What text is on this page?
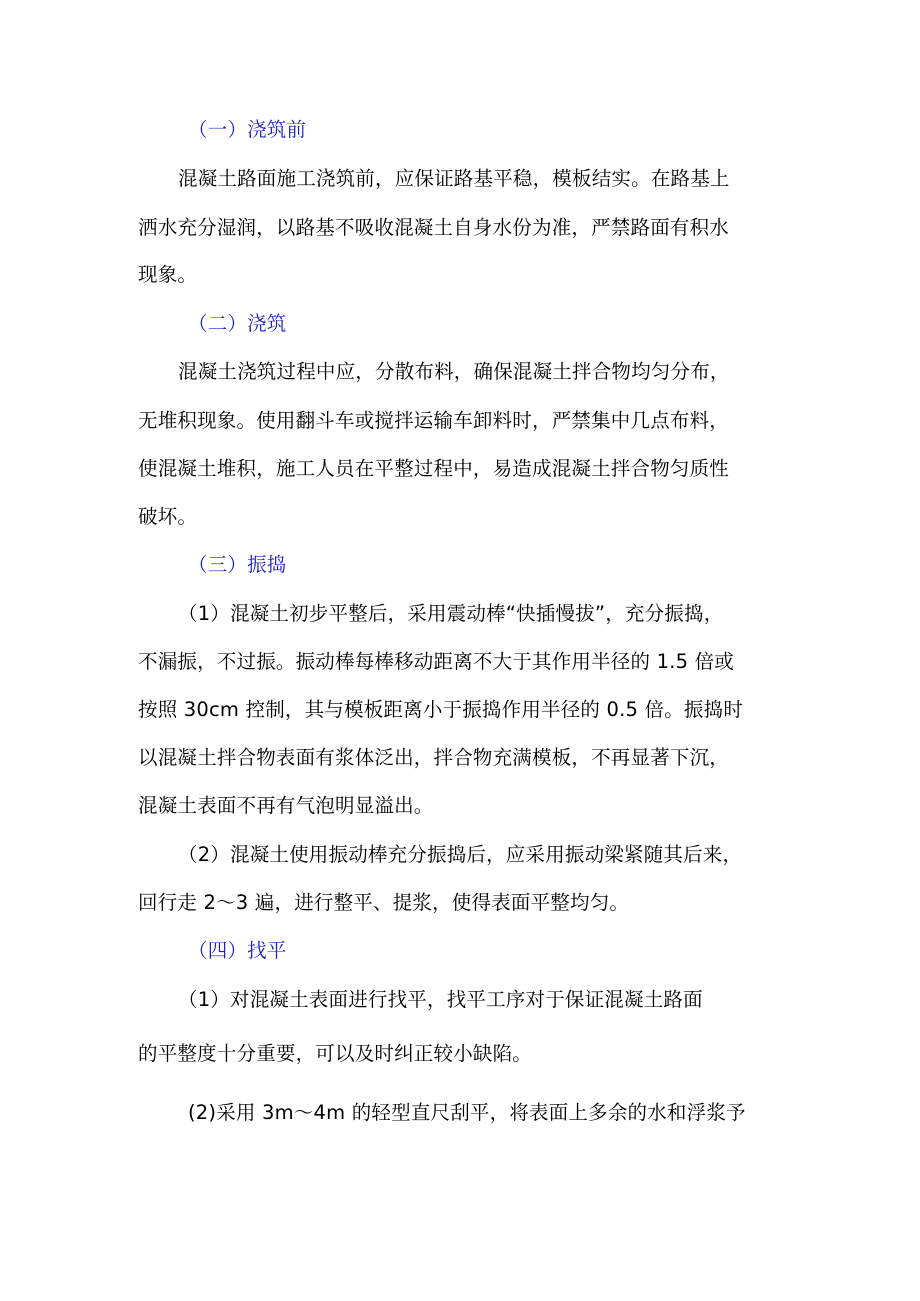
（一）浇筑前
混凝土路面施工浇筑前，应保证路基平稳，模板结实。在路基上
洒水充分湿润，以路基不吸收混凝土自身水份为准，严禁路面有积水
现象。
（二）浇筑
混凝土浇筑过程中应，分散布料，确保混凝土拌合物均匀分布，
无堆积现象。使用翻斗车或搅拌运输车卸料时，严禁集中几点布料，
使混凝土堆积，施工人员在平整过程中，易造成混凝土拌合物匀质性
破坏。
（三）振捣
（1）混凝土初步平整后，采用震动棒“快插慢拔”，充分振捣，
不漏振，不过振。振动棒每棒移动距离不大于其作用半径的 1.5 倍或
按照 30cm 控制，其与模板距离小于振捣作用半径的 0.5 倍。振捣时
以混凝土拌合物表面有浆体泛出，拌合物充满模板，不再显著下沉，
混凝土表面不再有气泡明显溢出。
（2）混凝土使用振动棒充分振捣后，应采用振动梁紧随其后来，
回行走 2～3 遍，进行整平、提浆，使得表面平整均匀。
（四）找平
（1）对混凝土表面进行找平，找平工序对于保证混凝土路面
的平整度十分重要，可以及时纠正较小缺陷。
(2)采用 3m～4m 的轻型直尺刮平，将表面上多余的水和浮浆予
